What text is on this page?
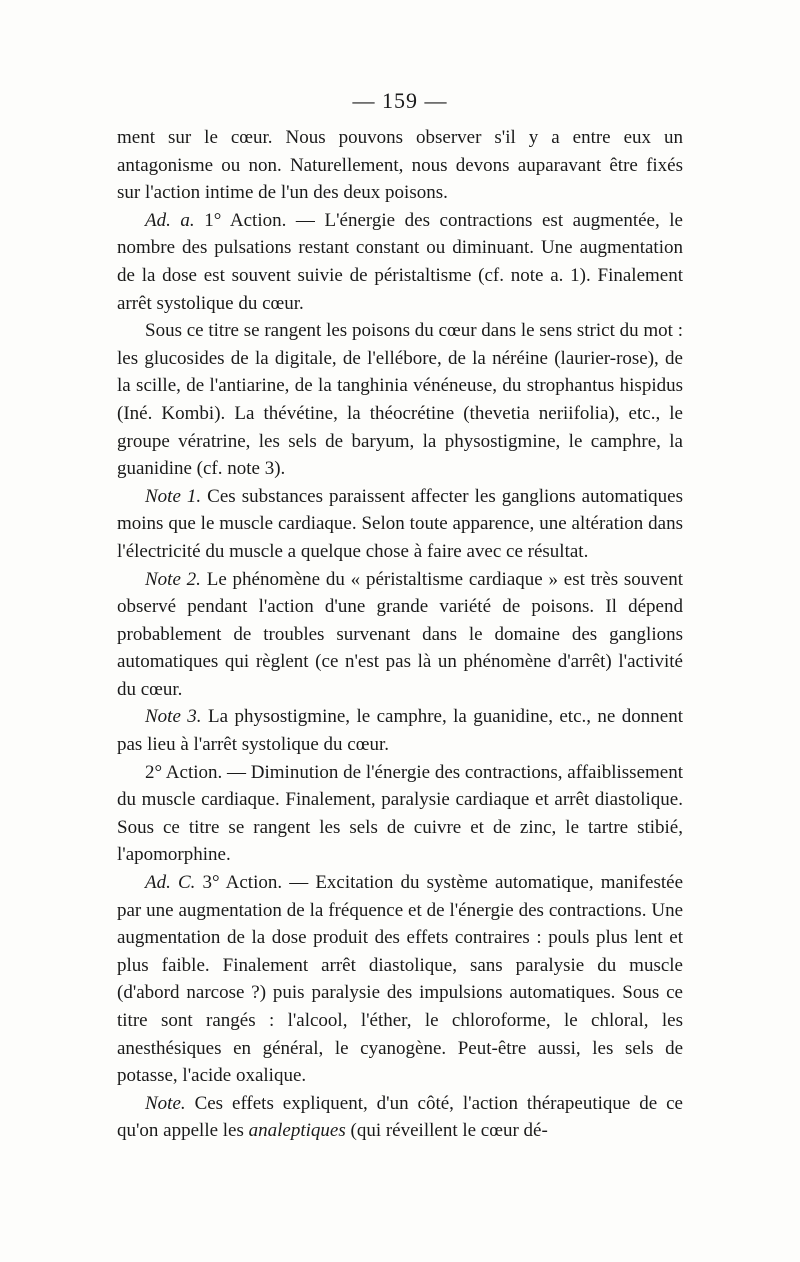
— 159 —

ment sur le cœur. Nous pouvons observer s'il y a entre eux un antagonisme ou non. Naturellement, nous devons auparavant être fixés sur l'action intime de l'un des deux poisons.

Ad. a. 1° Action. — L'énergie des contractions est augmentée, le nombre des pulsations restant constant ou diminuant. Une augmentation de la dose est souvent suivie de péristaltisme (cf. note a. 1). Finalement arrêt systolique du cœur.

Sous ce titre se rangent les poisons du cœur dans le sens strict du mot : les glucosides de la digitale, de l'ellébore, de la néréine (laurier-rose), de la scille, de l'antiarine, de la tanghinia vénéneuse, du strophantus hispidus (Iné. Kombi). La thévétine, la théocrétine (thevetia neriifolia), etc., le groupe vératrine, les sels de baryum, la physostigmine, le camphre, la guanidine (cf. note 3).

Note 1. Ces substances paraissent affecter les ganglions automatiques moins que le muscle cardiaque. Selon toute apparence, une altération dans l'électricité du muscle a quelque chose à faire avec ce résultat.

Note 2. Le phénomène du « péristaltisme cardiaque » est très souvent observé pendant l'action d'une grande variété de poisons. Il dépend probablement de troubles survenant dans le domaine des ganglions automatiques qui règlent (ce n'est pas là un phénomène d'arrêt) l'activité du cœur.

Note 3. La physostigmine, le camphre, la guanidine, etc., ne donnent pas lieu à l'arrêt systolique du cœur.

2° Action. — Diminution de l'énergie des contractions, affaiblissement du muscle cardiaque. Finalement, paralysie cardiaque et arrêt diastolique. Sous ce titre se rangent les sels de cuivre et de zinc, le tartre stibié, l'apomorphine.

Ad. C. 3° Action. — Excitation du système automatique, manifestée par une augmentation de la fréquence et de l'énergie des contractions. Une augmentation de la dose produit des effets contraires : pouls plus lent et plus faible. Finalement arrêt diastolique, sans paralysie du muscle (d'abord narcose ?) puis paralysie des impulsions automatiques. Sous ce titre sont rangés : l'alcool, l'éther, le chloroforme, le chloral, les anesthésiques en général, le cyanogène. Peut-être aussi, les sels de potasse, l'acide oxalique.

Note. Ces effets expliquent, d'un côté, l'action thérapeutique de ce qu'on appelle les analeptiques (qui réveillent le cœur dé-
